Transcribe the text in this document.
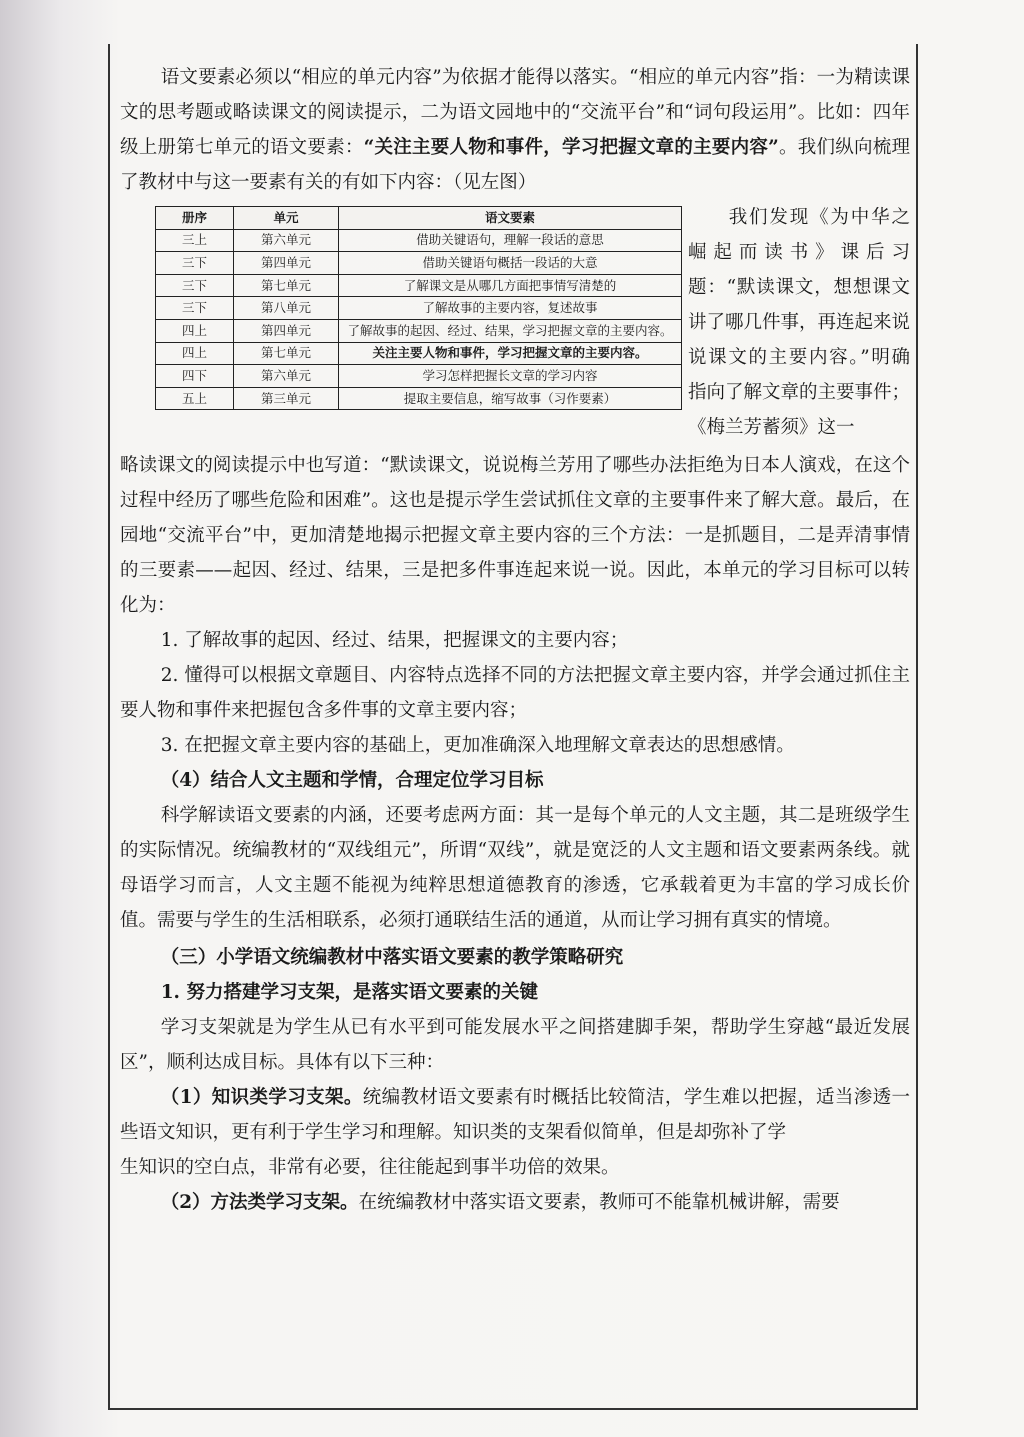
语文要素必须以“相应的单元内容”为依据才能得以落实。“相应的单元内容”指：一为精读课文的思考题或略读课文的阅读提示，二为语文园地中的“交流平台”和“词句段运用”。比如：四年级上册第七单元的语文要素：“关注主要人物和事件，学习把握文章的主要内容”。我们纵向梳理了教材中与这一要素有关的有如下内容：（见左图）

册序	单元	语文要素
三上	第六单元	借助关键语句，理解一段话的意思
三下	第四单元	借助关键语句概括一段话的大意
三下	第七单元	了解课文是从哪几方面把事情写清楚的
三下	第八单元	了解故事的主要内容，复述故事
四上	第四单元	了解故事的起因、经过、结果，学习把握文章的主要内容。
四上	第七单元	关注主要人物和事件，学习把握文章的主要内容。
四下	第六单元	学习怎样把握长文章的学习内容
五上	第三单元	提取主要信息，缩写故事（习作要素）

我们发现《为中华之崛起而读书》课后习题：“默读课文，想想课文讲了哪几件事，再连起来说说课文的主要内容。”明确指向了解文章的主要事件；《梅兰芳蓄须》这一

略读课文的阅读提示中也写道：“默读课文，说说梅兰芳用了哪些办法拒绝为日本人演戏，在这个过程中经历了哪些危险和困难”。这也是提示学生尝试抓住文章的主要事件来了解大意。最后，在园地“交流平台”中，更加清楚地揭示把握文章主要内容的三个方法：一是抓题目，二是弄清事情的三要素——起因、经过、结果，三是把多件事连起来说一说。因此，本单元的学习目标可以转化为：

1. 了解故事的起因、经过、结果，把握课文的主要内容；

2. 懂得可以根据文章题目、内容特点选择不同的方法把握文章主要内容，并学会通过抓住主要人物和事件来把握包含多件事的文章主要内容；

3. 在把握文章主要内容的基础上，更加准确深入地理解文章表达的思想感情。

（4）结合人文主题和学情，合理定位学习目标

科学解读语文要素的内涵，还要考虑两方面：其一是每个单元的人文主题，其二是班级学生的实际情况。统编教材的“双线组元”，所谓“双线”，就是宽泛的人文主题和语文要素两条线。就母语学习而言，人文主题不能视为纯粹思想道德教育的渗透，它承载着更为丰富的学习成长价值。需要与学生的生活相联系，必须打通联结生活的通道，从而让学习拥有真实的情境。

（三）小学语文统编教材中落实语文要素的教学策略研究

1. 努力搭建学习支架，是落实语文要素的关键

学习支架就是为学生从已有水平到可能发展水平之间搭建脚手架，帮助学生穿越“最近发展区”，顺利达成目标。具体有以下三种：

（1）知识类学习支架。统编教材语文要素有时概括比较简洁，学生难以把握，适当渗透一些语文知识，更有利于学生学习和理解。知识类的支架看似简单，但是却弥补了学

生知识的空白点，非常有必要，往往能起到事半功倍的效果。

（2）方法类学习支架。在统编教材中落实语文要素，教师可不能靠机械讲解，需要
